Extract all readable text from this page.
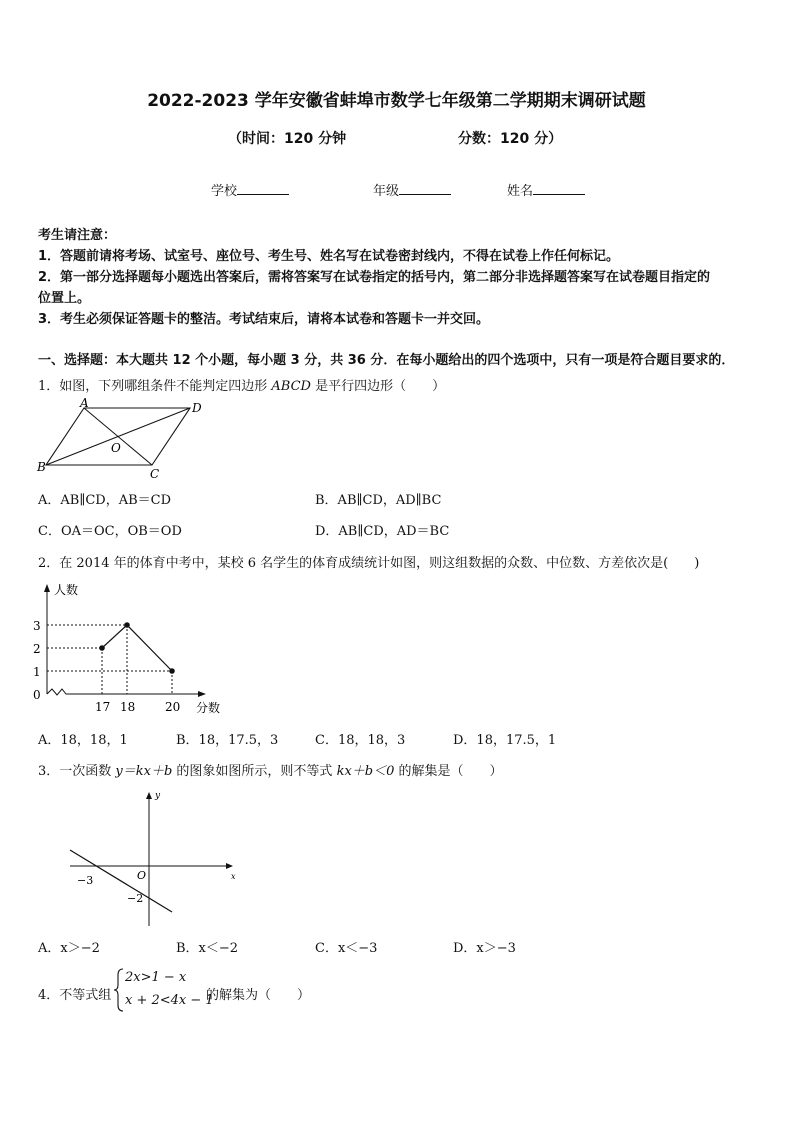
2022-2023 学年安徽省蚌埠市数学七年级第二学期期末调研试题
（时间：120 分钟	分数：120 分）
学校	年级	姓名
考生请注意：
1．答题前请将考场、试室号、座位号、考生号、姓名写在试卷密封线内，不得在试卷上作任何标记。
2．第一部分选择题每小题选出答案后，需将答案写在试卷指定的括号内，第二部分非选择题答案写在试卷题目指定的
位置上。
3．考生必须保证答题卡的整洁。考试结束后，请将本试卷和答题卡一并交回。
一、选择题：本大题共 12 个小题，每小题 3 分，共 36 分．在每小题给出的四个选项中，只有一项是符合题目要求的．
1．如图，下列哪组条件不能判定四边形 ABCD 是平行四边形（　　）
A	D
B	C
O
A．AB∥CD，AB＝CD	B．AB∥CD，AD∥BC
C．OA＝OC，OB＝OD	D．AB∥CD，AD＝BC
2．在 2014 年的体育中考中，某校 6 名学生的体育成绩统计如图，则这组数据的众数、中位数、方差依次是(　　)
人数
分数
0
1
2
3
17 18 20
A．18，18，1	B．18，17.5，3	C．18，18，3	D．18，17.5，1
3．一次函数 y＝kx＋b 的图象如图所示，则不等式 kx＋b＜0 的解集是（　　）
y
x
O
−3
−2
A．x＞−2	B．x＜−2	C．x＜−3	D．x＞−3
4．不等式组
2x>1 − x
x + 2<4x − 1
的解集为（　　）
